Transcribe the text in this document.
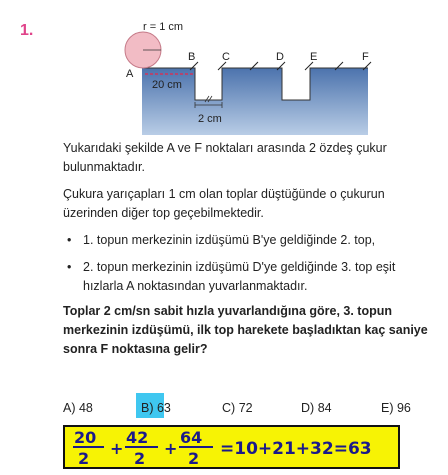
1.	r = 1 cm
A
B C	D E	F
20 cm
2 cm
Yukarıdaki şekilde A ve F noktaları arasında 2 özdeş çukur bulunmaktadır.
Çukura yarıçapları 1 cm olan toplar düştüğünde o çukurun üzerinden diğer top geçebilmektedir.
• 1. topun merkezinin izdüşümü B'ye geldiğinde 2. top,
• 2. topun merkezinin izdüşümü D'ye geldiğinde 3. top eşit hızlarla A noktasından yuvarlanmaktadır.
Toplar 2 cm/sn sabit hızla yuvarlandığına göre, 3. topun merkezinin izdüşümü, ilk top harekete başladıktan kaç saniye sonra F noktasına gelir?
A) 48	B) 63	C) 72	D) 84	E) 96
20
2
+
42
2
+
64
2 =10+21+32=63
